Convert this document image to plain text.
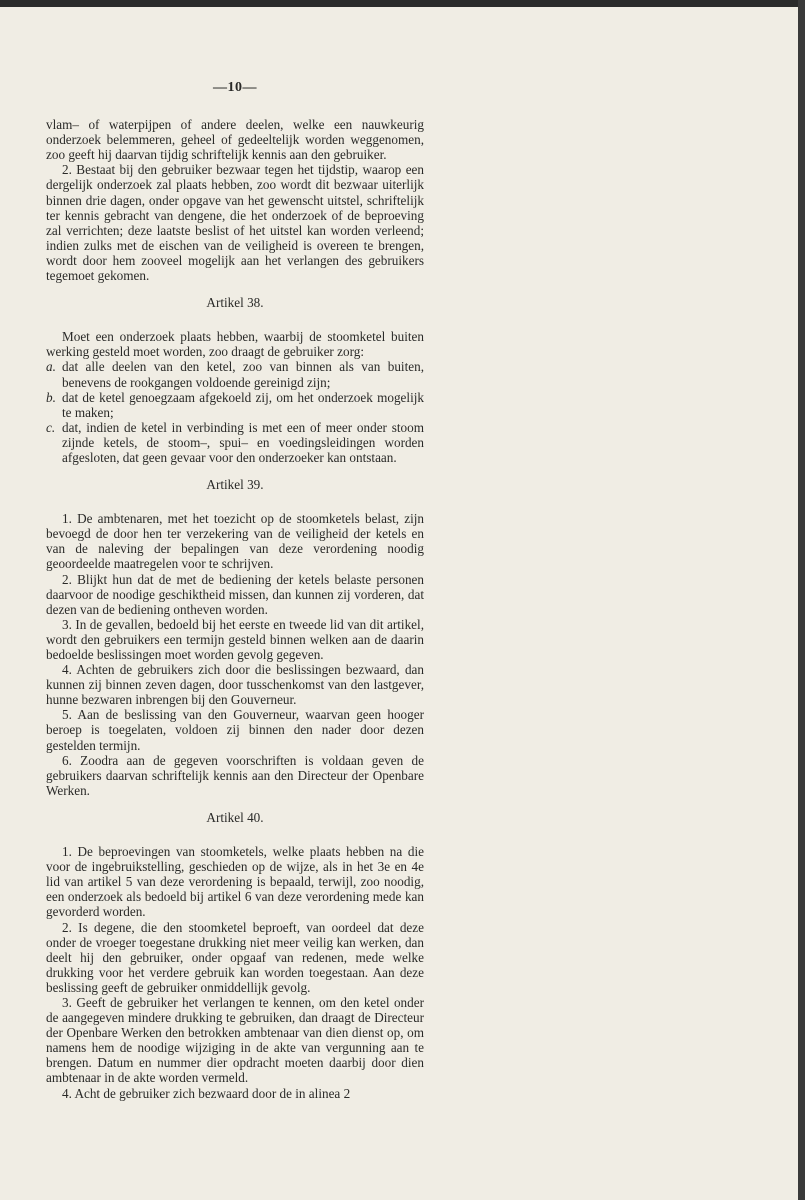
—10—

vlam– of waterpijpen of andere deelen, welke een nauwkeurig onderzoek belemmeren, geheel of gedeeltelijk worden weggenomen, zoo geeft hij daarvan tijdig schriftelijk kennis aan den gebruiker.

2. Bestaat bij den gebruiker bezwaar tegen het tijdstip, waarop een dergelijk onderzoek zal plaats hebben, zoo wordt dit bezwaar uiterlijk binnen drie dagen, onder opgave van het gewenscht uitstel, schriftelijk ter kennis gebracht van dengene, die het onderzoek of de beproeving zal verrichten; deze laatste beslist of het uitstel kan worden verleend; indien zulks met de eischen van de veiligheid is overeen te brengen, wordt door hem zooveel mogelijk aan het verlangen des gebruikers tegemoet gekomen.

Artikel 38.

Moet een onderzoek plaats hebben, waarbij de stoomketel buiten werking gesteld moet worden, zoo draagt de gebruiker zorg:

a. dat alle deelen van den ketel, zoo van binnen als van buiten, benevens de rookgangen voldoende gereinigd zijn;
b. dat de ketel genoegzaam afgekoeld zij, om het onderzoek mogelijk te maken;
c. dat, indien de ketel in verbinding is met een of meer onder stoom zijnde ketels, de stoom–, spui– en voedingsleidingen worden afgesloten, dat geen gevaar voor den onderzoeker kan ontstaan.
Artikel 39.

1. De ambtenaren, met het toezicht op de stoomketels belast, zijn bevoegd de door hen ter verzekering van de veiligheid der ketels en van de naleving der bepalingen van deze verordening noodig geoordeelde maatregelen voor te schrijven.

2. Blijkt hun dat de met de bediening der ketels belaste personen daarvoor de noodige geschiktheid missen, dan kunnen zij vorderen, dat dezen van de bediening ontheven worden.

3. In de gevallen, bedoeld bij het eerste en tweede lid van dit artikel, wordt den gebruikers een termijn gesteld binnen welken aan de daarin bedoelde beslissingen moet worden gevolg gegeven.

4. Achten de gebruikers zich door die beslissingen bezwaard, dan kunnen zij binnen zeven dagen, door tusschenkomst van den lastgever, hunne bezwaren inbrengen bij den Gouverneur.

5. Aan de beslissing van den Gouverneur, waarvan geen hooger beroep is toegelaten, voldoen zij binnen den nader door dezen gestelden termijn.

6. Zoodra aan de gegeven voorschriften is voldaan geven de gebruikers daarvan schriftelijk kennis aan den Directeur der Openbare Werken.

Artikel 40.

1. De beproevingen van stoomketels, welke plaats hebben na die voor de ingebruikstelling, geschieden op de wijze, als in het 3e en 4e lid van artikel 5 van deze verordening is bepaald, terwijl, zoo noodig, een onderzoek als bedoeld bij artikel 6 van deze verordening mede kan gevorderd worden.

2. Is degene, die den stoomketel beproeft, van oordeel dat deze onder de vroeger toegestane drukking niet meer veilig kan werken, dan deelt hij den gebruiker, onder opgaaf van redenen, mede welke drukking voor het verdere gebruik kan worden toegestaan. Aan deze beslissing geeft de gebruiker onmiddellijk gevolg.

3. Geeft de gebruiker het verlangen te kennen, om den ketel onder de aangegeven mindere drukking te gebruiken, dan draagt de Directeur der Openbare Werken den betrokken ambtenaar van dien dienst op, om namens hem de noodige wijziging in de akte van vergunning aan te brengen. Datum en nummer dier opdracht moeten daarbij door dien ambtenaar in de akte worden vermeld.

4. Acht de gebruiker zich bezwaard door de in alinea 2
